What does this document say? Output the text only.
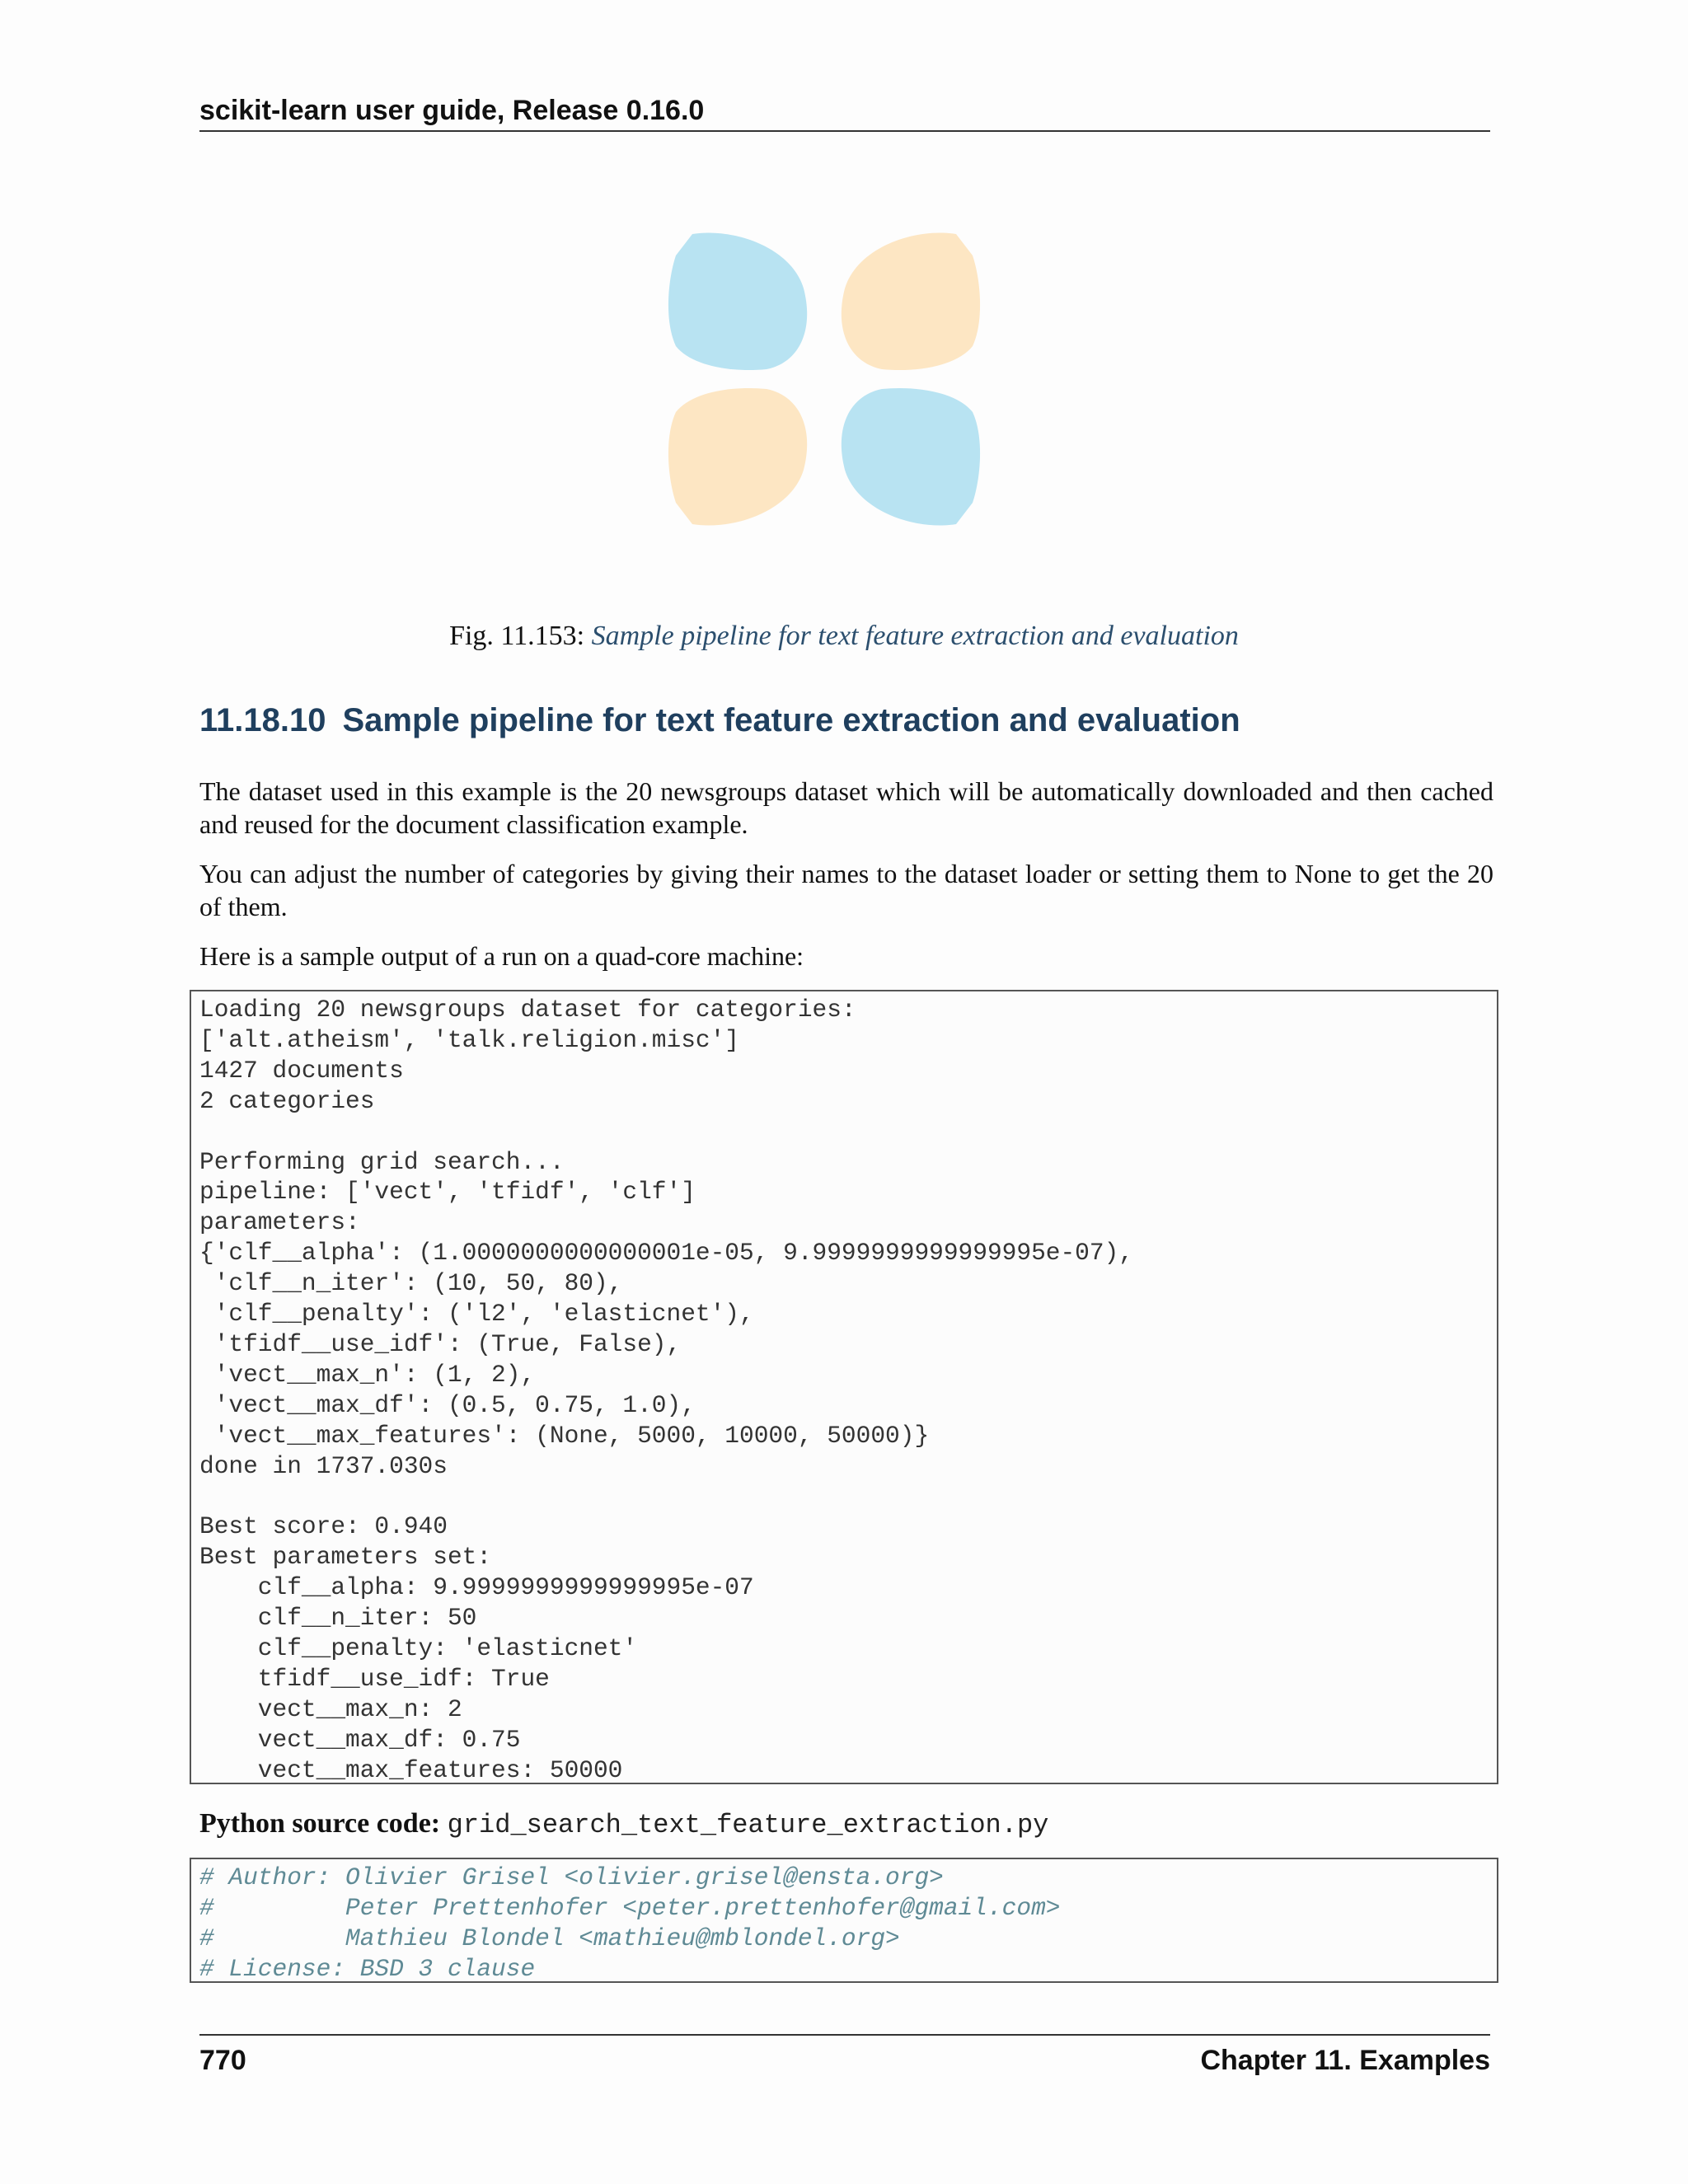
scikit-learn user guide, Release 0.16.0
Fig. 11.153: Sample pipeline for text feature extraction and evaluation
11.18.10 Sample pipeline for text feature extraction and evaluation
The dataset used in this example is the 20 newsgroups dataset which will be automatically downloaded and then cached and reused for the document classification example.
You can adjust the number of categories by giving their names to the dataset loader or setting them to None to get the 20 of them.
Here is a sample output of a run on a quad-core machine:
Loading 20 newsgroups dataset for categories:
['alt.atheism', 'talk.religion.misc']
1427 documents
2 categories

Performing grid search...
pipeline: ['vect', 'tfidf', 'clf']
parameters:
{'clf__alpha': (1.0000000000000001e-05, 9.9999999999999995e-07),
'clf__n_iter': (10, 50, 80),
'clf__penalty': ('l2', 'elasticnet'),
'tfidf__use_idf': (True, False),
'vect__max_n': (1, 2),
'vect__max_df': (0.5, 0.75, 1.0),
'vect__max_features': (None, 5000, 10000, 50000)}
done in 1737.030s

Best score: 0.940
Best parameters set:
clf__alpha: 9.9999999999999995e-07
clf__n_iter: 50
clf__penalty: 'elasticnet'
tfidf__use_idf: True
vect__max_n: 2
vect__max_df: 0.75
vect__max_features: 50000
Python source code: grid_search_text_feature_extraction.py
# Author: Olivier Grisel <olivier.grisel@ensta.org>
#         Peter Prettenhofer <peter.prettenhofer@gmail.com>
#         Mathieu Blondel <mathieu@mblondel.org>
# License: BSD 3 clause
770	Chapter 11. Examples
